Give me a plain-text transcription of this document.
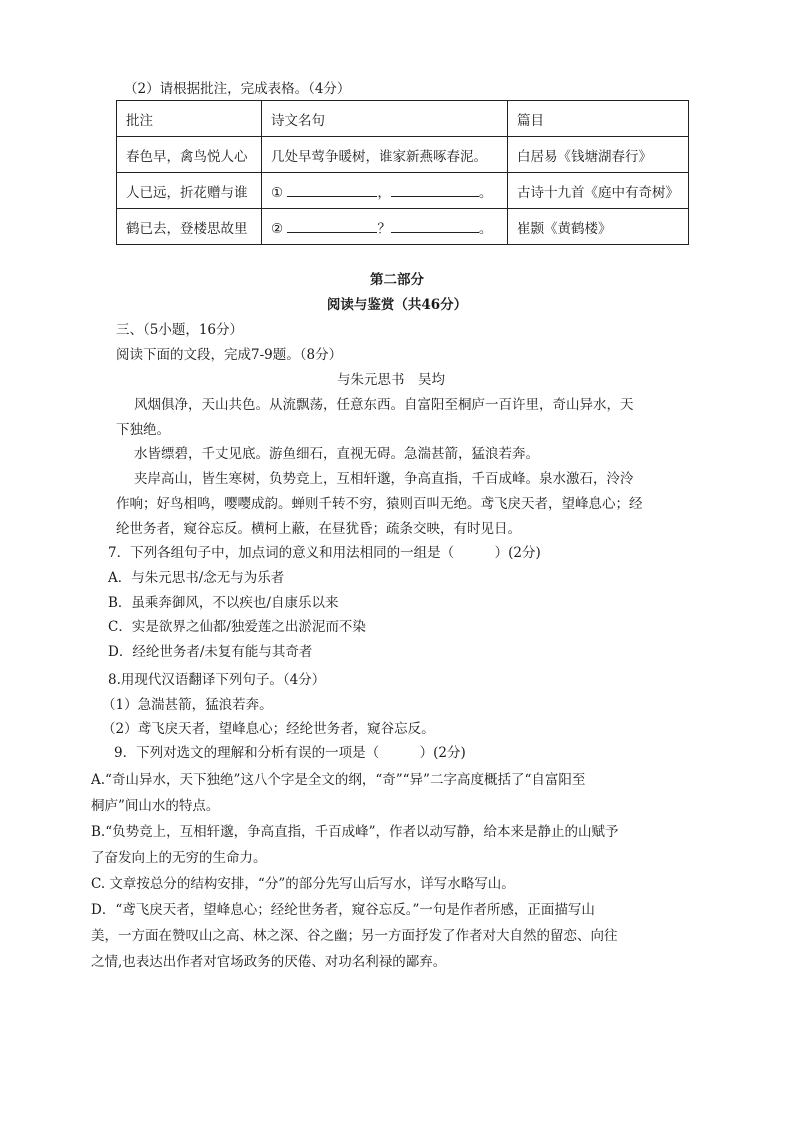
（2）请根据批注，完成表格。（4分）
批注	诗文名句	篇目
春色早，禽鸟悦人心	几处早莺争暖树，谁家新燕啄春泥。	白居易《钱塘湖春行》
人已远，折花赠与谁	① ， 。	古诗十九首《庭中有奇树》
鹤已去，登楼思故里	② ？ 。	崔颢《黄鹤楼》
第二部分
阅读与鉴赏（共46分）
三、（5小题，16分）
阅读下面的文段，完成7-9题。（8分）
与朱元思书　吴均
风烟俱净，天山共色。从流飘荡，任意东西。自富阳至桐庐一百许里，奇山异水，天
下独绝。
水皆缥碧，千丈见底。游鱼细石，直视无碍。急湍甚箭，猛浪若奔。
夹岸高山，皆生寒树，负势竞上，互相轩邈，争高直指，千百成峰。泉水激石，泠泠
作响；好鸟相鸣，嘤嘤成韵。蝉则千转不穷，猿则百叫无绝。鸢飞戾天者，望峰息心；经
纶世务者，窥谷忘反。横柯上蔽，在昼犹昏；疏条交映，有时见日。
7．下列各组句子中，加点词的意义和用法相同的一组是（　　　）(2分)
A．与朱元思书/念无与为乐者
B．虽乘奔御风，不以疾也/自康乐以来
C．实是欲界之仙都/独爱莲之出淤泥而不染
D．经纶世务者/未复有能与其奇者
8.用现代汉语翻译下列句子。（4分）
（1）急湍甚箭，猛浪若奔。
（2）鸢飞戾天者，望峰息心；经纶世务者，窥谷忘反。
9．下列对选文的理解和分析有误的一项是（　　　）(2分)
A.“奇山异水，天下独绝”这八个字是全文的纲，“奇”“异”二字高度概括了“自富阳至
桐庐”间山水的特点。
B.“负势竞上，互相轩邈，争高直指，千百成峰”，作者以动写静，给本来是静止的山赋予
了奋发向上的无穷的生命力。
C. 文章按总分的结构安排，“分”的部分先写山后写水，详写水略写山。
D．“鸢飞戾天者，望峰息心；经纶世务者，窥谷忘反。”一句是作者所感，正面描写山
美，一方面在赞叹山之高、林之深、谷之幽；另一方面抒发了作者对大自然的留恋、向往
之情,也表达出作者对官场政务的厌倦、对功名利禄的鄙弃。
